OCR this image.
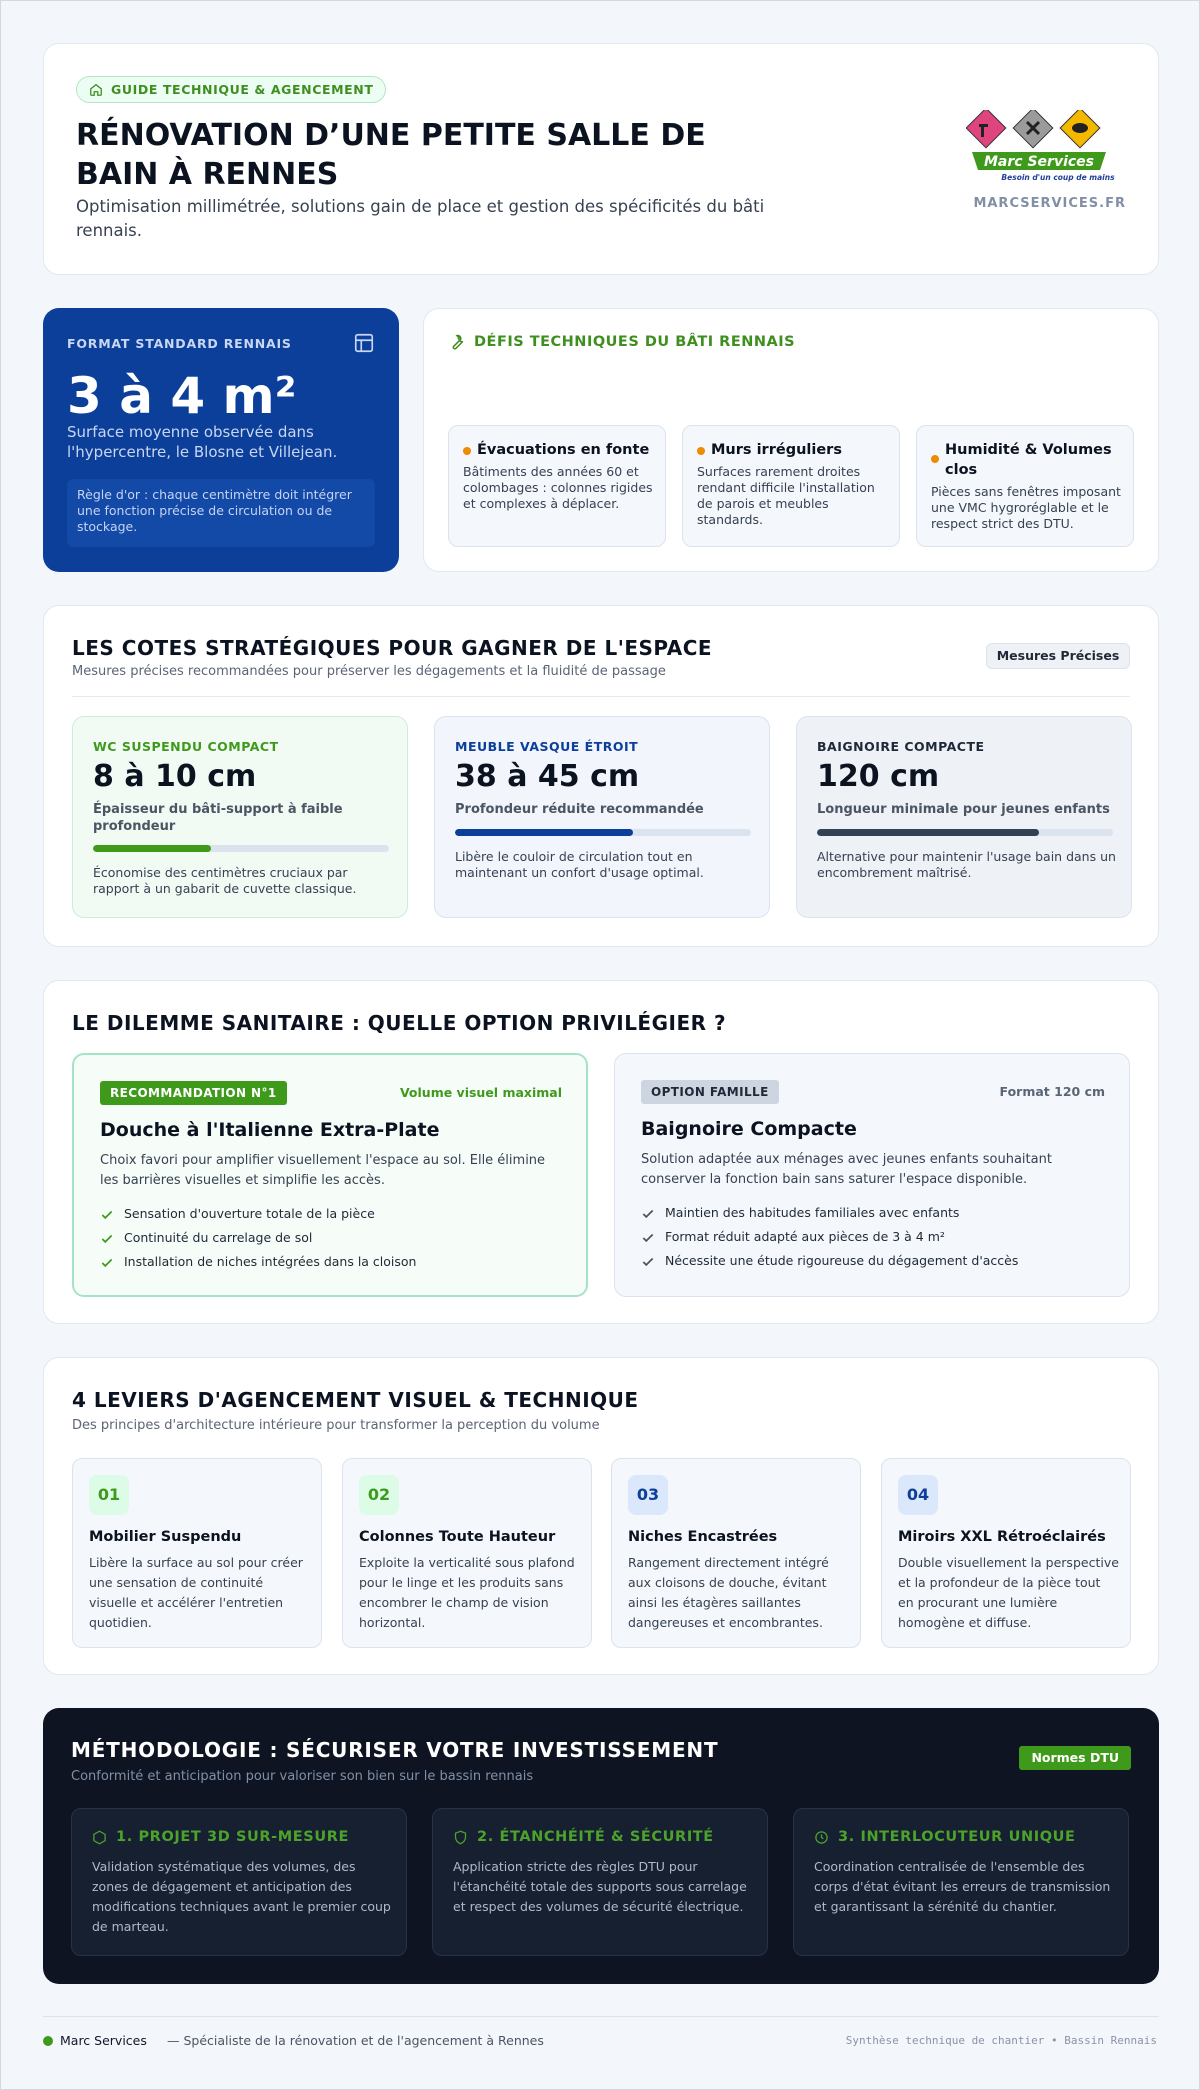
GUIDE TECHNIQUE & AGENCEMENT
RÉNOVATION D’UNE PETITE SALLE DE BAIN À RENNES
Optimisation millimétrée, solutions gain de place et gestion des spécificités du bâti rennais.
Marc Services
Besoin d'un coup de mains
MARCSERVICES.FR
FORMAT STANDARD RENNAIS
3 à 4 m²
Surface moyenne observée dans l'hypercentre, le Blosne et Villejean.
Règle d'or : chaque centimètre doit intégrer une fonction précise de circulation ou de stockage.
DÉFIS TECHNIQUES DU BÂTI RENNAIS
Évacuations en fonte
Bâtiments des années 60 et colombages : colonnes rigides et complexes à déplacer.
Murs irréguliers
Surfaces rarement droites rendant difficile l'installation de parois et meubles standards.
Humidité & Volumes clos
Pièces sans fenêtres imposant une VMC hygroréglable et le respect strict des DTU.
LES COTES STRATÉGIQUES POUR GAGNER DE L'ESPACE
Mesures précises recommandées pour préserver les dégagements et la fluidité de passage
Mesures Précises
WC SUSPENDU COMPACT
8 à 10 cm
Épaisseur du bâti-support à faible profondeur
Économise des centimètres cruciaux par rapport à un gabarit de cuvette classique.
MEUBLE VASQUE ÉTROIT
38 à 45 cm
Profondeur réduite recommandée
Libère le couloir de circulation tout en maintenant un confort d'usage optimal.
BAIGNOIRE COMPACTE
120 cm
Longueur minimale pour jeunes enfants
Alternative pour maintenir l'usage bain dans un encombrement maîtrisé.
LE DILEMME SANITAIRE : QUELLE OPTION PRIVILÉGIER ?
RECOMMANDATION N°1	Volume visuel maximal
Douche à l'Italienne Extra-Plate
Choix favori pour amplifier visuellement l'espace au sol. Elle élimine les barrières visuelles et simplifie les accès.
Sensation d'ouverture totale de la pièce
Continuité du carrelage de sol
Installation de niches intégrées dans la cloison
OPTION FAMILLE	Format 120 cm
Baignoire Compacte
Solution adaptée aux ménages avec jeunes enfants souhaitant conserver la fonction bain sans saturer l'espace disponible.
Maintien des habitudes familiales avec enfants
Format réduit adapté aux pièces de 3 à 4 m²
Nécessite une étude rigoureuse du dégagement d'accès
4 LEVIERS D'AGENCEMENT VISUEL & TECHNIQUE
Des principes d'architecture intérieure pour transformer la perception du volume
01
Mobilier Suspendu
Libère la surface au sol pour créer une sensation de continuité visuelle et accélérer l'entretien quotidien.
02
Colonnes Toute Hauteur
Exploite la verticalité sous plafond pour le linge et les produits sans encombrer le champ de vision horizontal.
03
Niches Encastrées
Rangement directement intégré aux cloisons de douche, évitant ainsi les étagères saillantes dangereuses et encombrantes.
04
Miroirs XXL Rétroéclairés
Double visuellement la perspective et la profondeur de la pièce tout en procurant une lumière homogène et diffuse.
MÉTHODOLOGIE : SÉCURISER VOTRE INVESTISSEMENT
Conformité et anticipation pour valoriser son bien sur le bassin rennais
Normes DTU
1. PROJET 3D SUR-MESURE
Validation systématique des volumes, des zones de dégagement et anticipation des modifications techniques avant le premier coup de marteau.
2. ÉTANCHÉITÉ & SÉCURITÉ
Application stricte des règles DTU pour l'étanchéité totale des supports sous carrelage et respect des volumes de sécurité électrique.
3. INTERLOCUTEUR UNIQUE
Coordination centralisée de l'ensemble des corps d'état évitant les erreurs de transmission et garantissant la sérénité du chantier.
Marc Services — Spécialiste de la rénovation et de l'agencement à Rennes	Synthèse technique de chantier • Bassin Rennais
